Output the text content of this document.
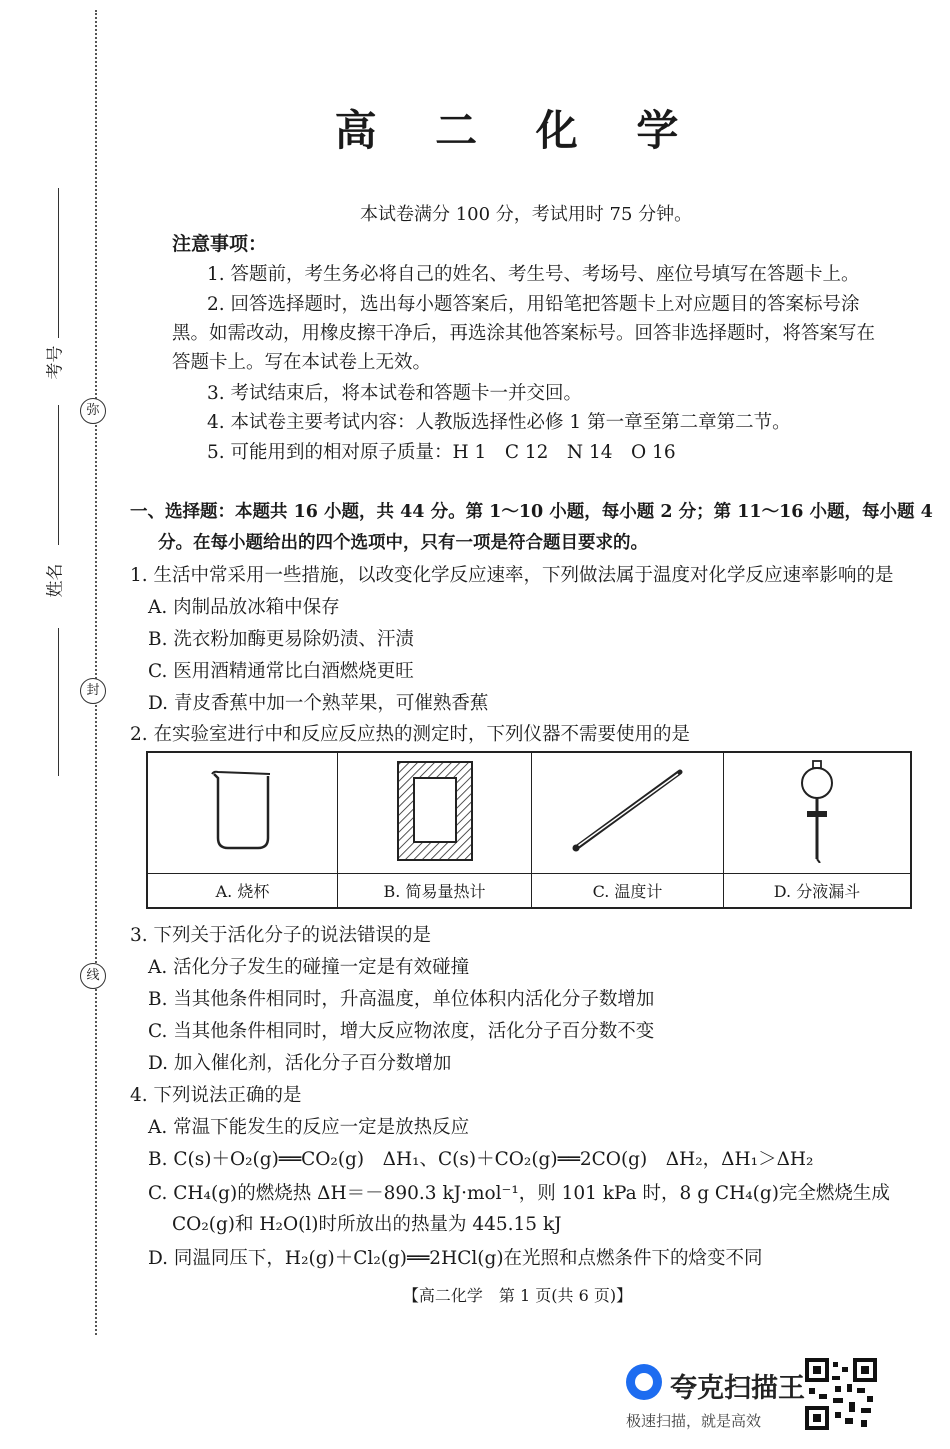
考号
姓名
弥
封
线
高 二 化 学
本试卷满分 100 分，考试用时 75 分钟。
注意事项：
1. 答题前，考生务必将自己的姓名、考生号、考场号、座位号填写在答题卡上。
2. 回答选择题时，选出每小题答案后，用铅笔把答题卡上对应题目的答案标号涂
黑。如需改动，用橡皮擦干净后，再选涂其他答案标号。回答非选择题时，将答案写在
答题卡上。写在本试卷上无效。
3. 考试结束后，将本试卷和答题卡一并交回。
4. 本试卷主要考试内容：人教版选择性必修 1 第一章至第二章第二节。
5. 可能用到的相对原子质量：H 1　C 12　N 14　O 16
一、选择题：本题共 16 小题，共 44 分。第 1～10 小题，每小题 2 分；第 11～16 小题，每小题 4
分。在每小题给出的四个选项中，只有一项是符合题目要求的。
1. 生活中常采用一些措施，以改变化学反应速率，下列做法属于温度对化学反应速率影响的是
A. 肉制品放冰箱中保存
B. 洗衣粉加酶更易除奶渍、汗渍
C. 医用酒精通常比白酒燃烧更旺
D. 青皮香蕉中加一个熟苹果，可催熟香蕉
2. 在实验室进行中和反应反应热的测定时，下列仪器不需要使用的是

A. 烧杯	B. 简易量热计	C. 温度计	D. 分液漏斗
3. 下列关于活化分子的说法错误的是
A. 活化分子发生的碰撞一定是有效碰撞
B. 当其他条件相同时，升高温度，单位体积内活化分子数增加
C. 当其他条件相同时，增大反应物浓度，活化分子百分数不变
D. 加入催化剂，活化分子百分数增加
4. 下列说法正确的是
A. 常温下能发生的反应一定是放热反应
B. C(s)＋O₂(g)══CO₂(g)　ΔH₁、C(s)＋CO₂(g)══2CO(g)　ΔH₂，ΔH₁＞ΔH₂
C. CH₄(g)的燃烧热 ΔH＝－890.3 kJ·mol⁻¹，则 101 kPa 时，8 g CH₄(g)完全燃烧生成
CO₂(g)和 H₂O(l)时所放出的热量为 445.15 kJ
D. 同温同压下，H₂(g)＋Cl₂(g)══2HCl(g)在光照和点燃条件下的焓变不同
【高二化学　第 1 页(共 6 页)】
夸克扫描王
极速扫描，就是高效
